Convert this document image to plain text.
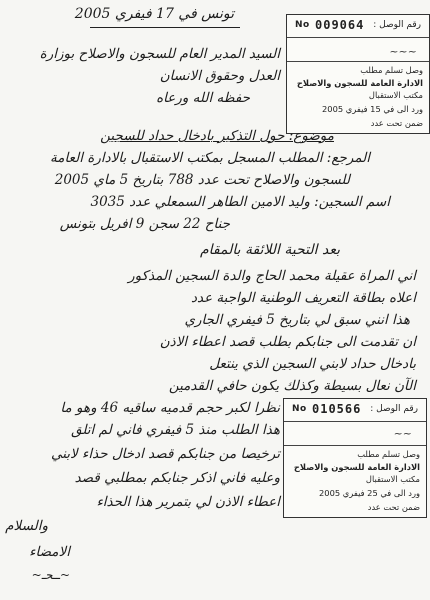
تونس في 17 فيفري 2005
السيد المدير العام للسجون والاصلاح بوزارة
العدل وحقوق الانسان
حفظه الله ورعاه
No 009064 رقم الوصل :
~~~
وصل تسلم مطلب
الادارة العامة للسجون والاصلاح
مكتب الاستقبال
ورد الى في 15 فيفري 2005
ضمن تحت عدد
موضوع: حول التذكير بادخال حداد للسجين
المرجع: المطلب المسجل بمكتب الاستقبال بالادارة العامة
للسجون والاصلاح تحت عدد 788 بتاريخ 5 ماي 2005
اسم السجين: وليد الامين الطاهر السمعلي عدد 3035
جناح 22 سجن 9 افريل بتونس
بعد التحية اللائقة بالمقام
اني المراة عقيلة محمد الحاج والدة السجين المذكور
اعلاه بطاقة التعريف الوطنية الواجبة عدد
هذا انني سبق لي بتاريخ 5 فيفري الجاري
ان تقدمت الى جنابكم بطلب قصد اعطاء الاذن
بادخال حداد لابني السجين الذي ينتعل
الآن نعال بسيطة وكذلك يكون حافي القدمين
نظرا لكبر حجم قدميه ساقيه 46 وهو ما
هذا الطلب منذ 5 فيفري فاني لم اتلق
ترخيصا من جنابكم قصد ادخال حذاء لابني
وعليه فاني اذكر جنابكم بمطلبي قصد
اعطاء الاذن لي بتمرير هذا الحذاء
والسلام
الامضاء
~ــحـ~
No 010566 رقم الوصل :
~~
وصل تسلم مطلب
الادارة العامة للسجون والاصلاح
مكتب الاستقبال
ورد الى في 25 فيفري 2005
ضمن تحت عدد
